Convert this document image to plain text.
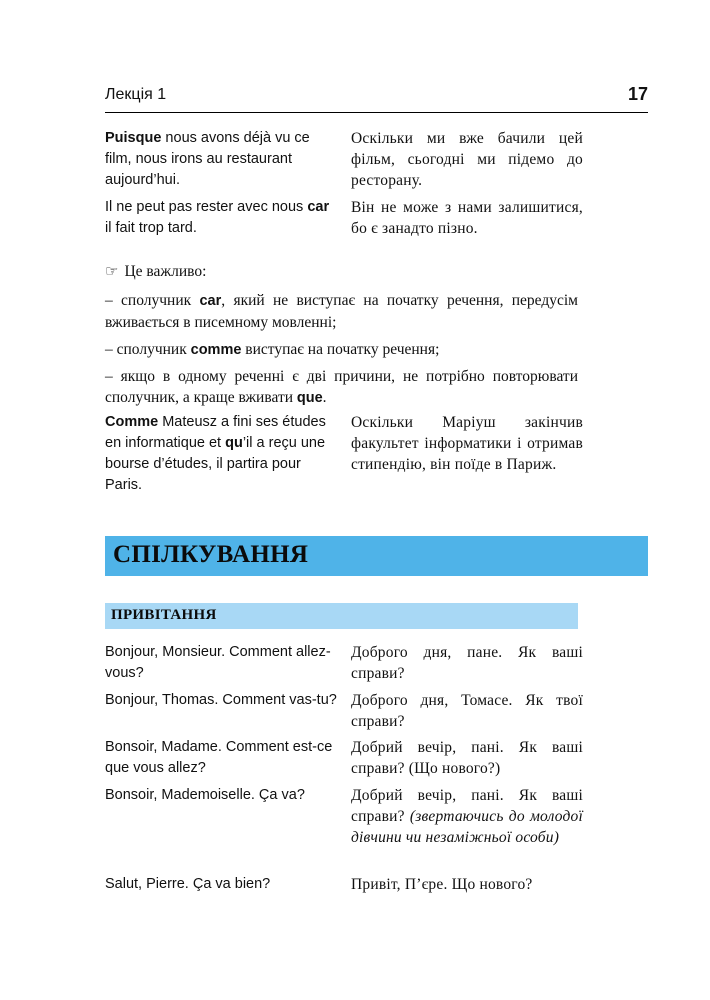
Лекція 1	17
Puisque nous avons déjà vu ce film, nous irons au restaurant aujourd’hui.
Оскільки ми вже бачили цей фільм, сьогодні ми підемо до ресторану.
Il ne peut pas rester avec nous car il fait trop tard.
Він не може з нами залишитися, бо є занадто пізно.
☞ Це важливо:
– сполучник car, який не виступає на початку речення, передусім вживається в писемному мовленні;
– сполучник comme виступає на початку речення;
– якщо в одному реченні є дві причини, не потрібно повторювати сполучник, а краще вживати que.
Comme Mateusz a fini ses études en informatique et qu’il a reçu une bourse d’études, il partira pour Paris.
Оскільки Маріуш закінчив факультет інформатики і отримав стипендію, він поїде в Париж.
СПІЛКУВАННЯ
ПРИВІТАННЯ
Bonjour, Monsieur. Comment allez-vous?
Доброго дня, пане. Як ваші справи?
Bonjour, Thomas. Comment vas-tu? Доброго дня, Томасе. Як твої справи?
Bonsoir, Madame. Comment est-ce que vous allez?
Добрий вечір, пані. Як ваші справи? (Що нового?)
Bonsoir, Mademoiselle. Ça va?	Добрий вечір, пані. Як ваші справи? (звертаючись до молодої дівчини чи незаміжньої особи)
Salut, Pierre. Ça va bien?	Привіт, П’єре. Що нового?
